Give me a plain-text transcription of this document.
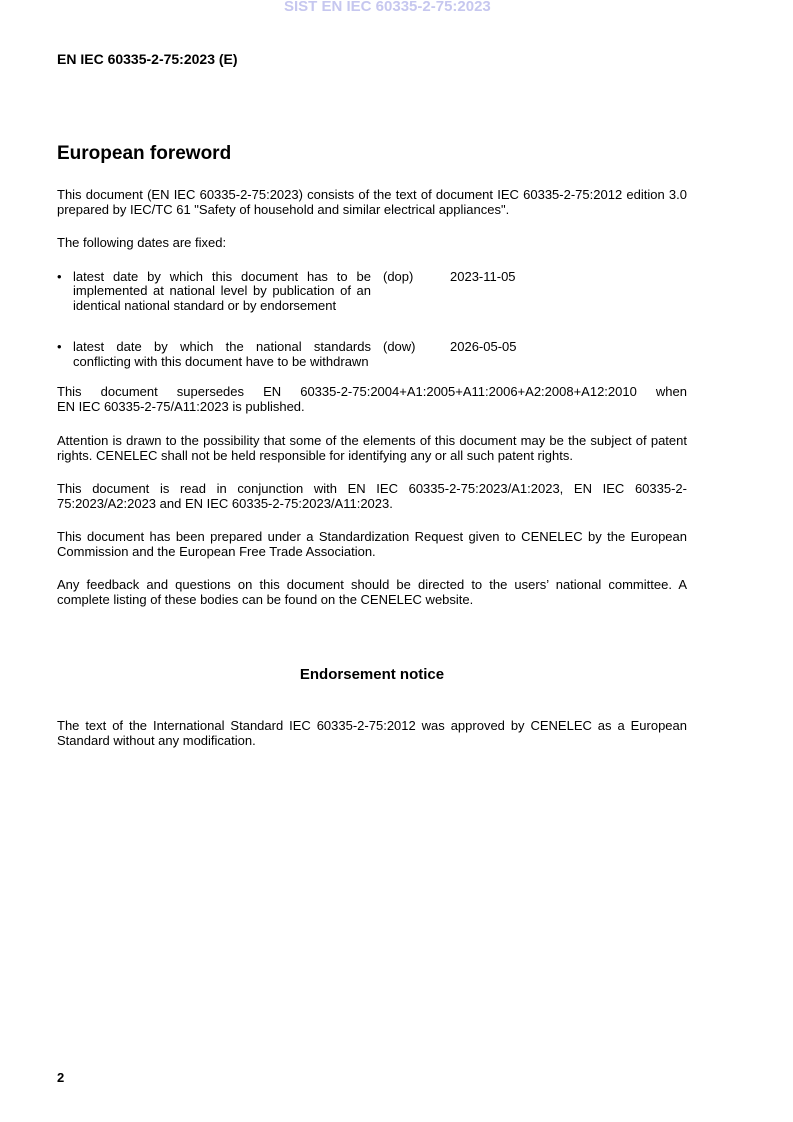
SIST EN IEC 60335-2-75:2023
EN IEC 60335-2-75:2023 (E)
European foreword

This document (EN IEC 60335-2-75:2023) consists of the text of document IEC 60335-2-75:2012 edition 3.0 prepared by IEC/TC 61 "Safety of household and similar electrical appliances".

The following dates are fixed:

• latest date by which this document has to be implemented at national level by publication of an identical national standard or by endorsement
(dop)	2023-11-05
• latest date by which the national standards conflicting with this document have to be withdrawn
(dow)	2026-05-05

This document supersedes EN 60335-2-75:2004+A1:2005+A11:2006+A2:2008+A12:2010 when EN IEC 60335-2-75/A11:2023 is published.

Attention is drawn to the possibility that some of the elements of this document may be the subject of patent rights. CENELEC shall not be held responsible for identifying any or all such patent rights.

This document is read in conjunction with EN IEC 60335-2-75:2023/A1:2023, EN IEC 60335-2-75:2023/A2:2023 and EN IEC 60335-2-75:2023/A11:2023.

This document has been prepared under a Standardization Request given to CENELEC by the European Commission and the European Free Trade Association.

Any feedback and questions on this document should be directed to the users’ national committee. A complete listing of these bodies can be found on the CENELEC website.

Endorsement notice

The text of the International Standard IEC 60335-2-75:2012 was approved by CENELEC as a European Standard without any modification.

2
